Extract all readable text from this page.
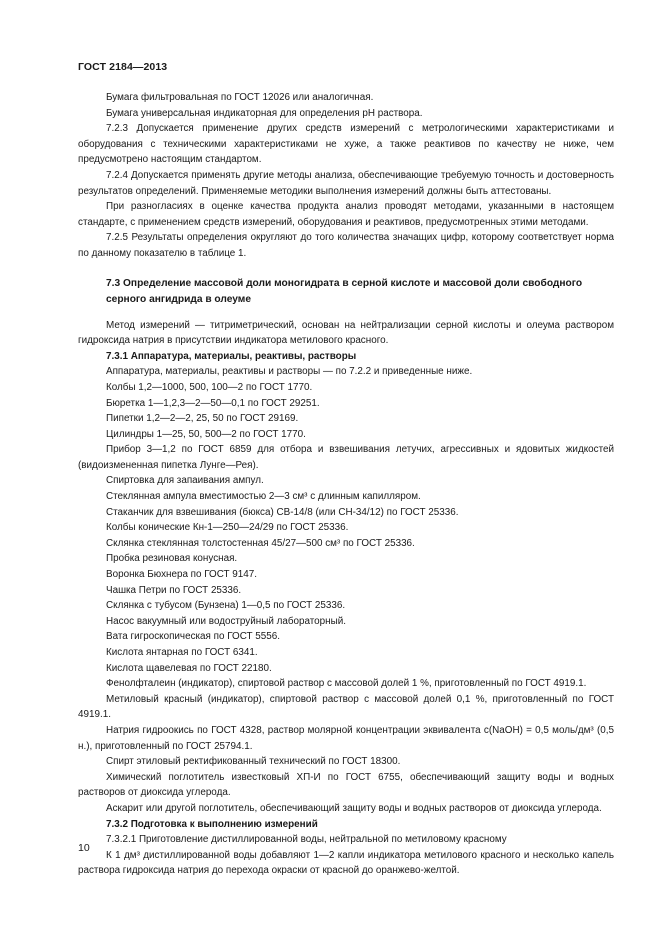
ГОСТ 2184—2013

Бумага фильтровальная по ГОСТ 12026 или аналогичная.

Бумага универсальная индикаторная для определения рН раствора.

7.2.3 Допускается применение других средств измерений с метрологическими характеристиками и оборудования с техническими характеристиками не хуже, а также реактивов по качеству не ниже, чем предусмотрено настоящим стандартом.

7.2.4 Допускается применять другие методы анализа, обеспечивающие требуемую точность и достоверность результатов определений. Применяемые методики выполнения измерений должны быть аттестованы.

При разногласиях в оценке качества продукта анализ проводят методами, указанными в настоящем стандарте, с применением средств измерений, оборудования и реактивов, предусмотренных этими методами.

7.2.5 Результаты определения округляют до того количества значащих цифр, которому соответствует норма по данному показателю в таблице 1.

7.3 Определение массовой доли моногидрата в серной кислоте и массовой доли свободного серного ангидрида в олеуме

Метод измерений — титриметрический, основан на нейтрализации серной кислоты и олеума раствором гидроксида натрия в присутствии индикатора метилового красного.

7.3.1 Аппаратура, материалы, реактивы, растворы

Аппаратура, материалы, реактивы и растворы — по 7.2.2 и приведенные ниже.

Колбы 1,2—1000, 500, 100—2 по ГОСТ 1770.

Бюретка 1—1,2,3—2—50—0,1 по ГОСТ 29251.

Пипетки 1,2—2—2, 25, 50 по ГОСТ 29169.

Цилиндры 1—25, 50, 500—2 по ГОСТ 1770.

Прибор 3—1,2 по ГОСТ 6859 для отбора и взвешивания летучих, агрессивных и ядовитых жидкостей (видоизмененная пипетка Лунге—Рея).

Спиртовка для запаивания ампул.

Стеклянная ампула вместимостью 2—3 см³ с длинным капилляром.

Стаканчик для взвешивания (бюкса) СВ-14/8 (или СН-34/12) по ГОСТ 25336.

Колбы конические Кн-1—250—24/29 по ГОСТ 25336.

Склянка стеклянная толстостенная 45/27—500 см³ по ГОСТ 25336.

Пробка резиновая конусная.

Воронка Бюхнера по ГОСТ 9147.

Чашка Петри по ГОСТ 25336.

Склянка с тубусом (Бунзена) 1—0,5 по ГОСТ 25336.

Насос вакуумный или водоструйный лабораторный.

Вата гигроскопическая по ГОСТ 5556.

Кислота янтарная по ГОСТ 6341.

Кислота щавелевая по ГОСТ 22180.

Фенолфталеин (индикатор), спиртовой раствор с массовой долей 1 %, приготовленный по ГОСТ 4919.1.

Метиловый красный (индикатор), спиртовой раствор с массовой долей 0,1 %, приготовленный по ГОСТ 4919.1.

Натрия гидроокись по ГОСТ 4328, раствор молярной концентрации эквивалента с(NaOH) = 0,5 моль/дм³ (0,5 н.), приготовленный по ГОСТ 25794.1.

Спирт этиловый ректификованный технический по ГОСТ 18300.

Химический поглотитель известковый ХП-И по ГОСТ 6755, обеспечивающий защиту воды и водных растворов от диоксида углерода.

Аскарит или другой поглотитель, обеспечивающий защиту воды и водных растворов от диоксида углерода.

7.3.2 Подготовка к выполнению измерений

7.3.2.1 Приготовление дистиллированной воды, нейтральной по метиловому красному

К 1 дм³ дистиллированной воды добавляют 1—2 капли индикатора метилового красного и несколько капель раствора гидроксида натрия до перехода окраски от красной до оранжево-желтой.

10
